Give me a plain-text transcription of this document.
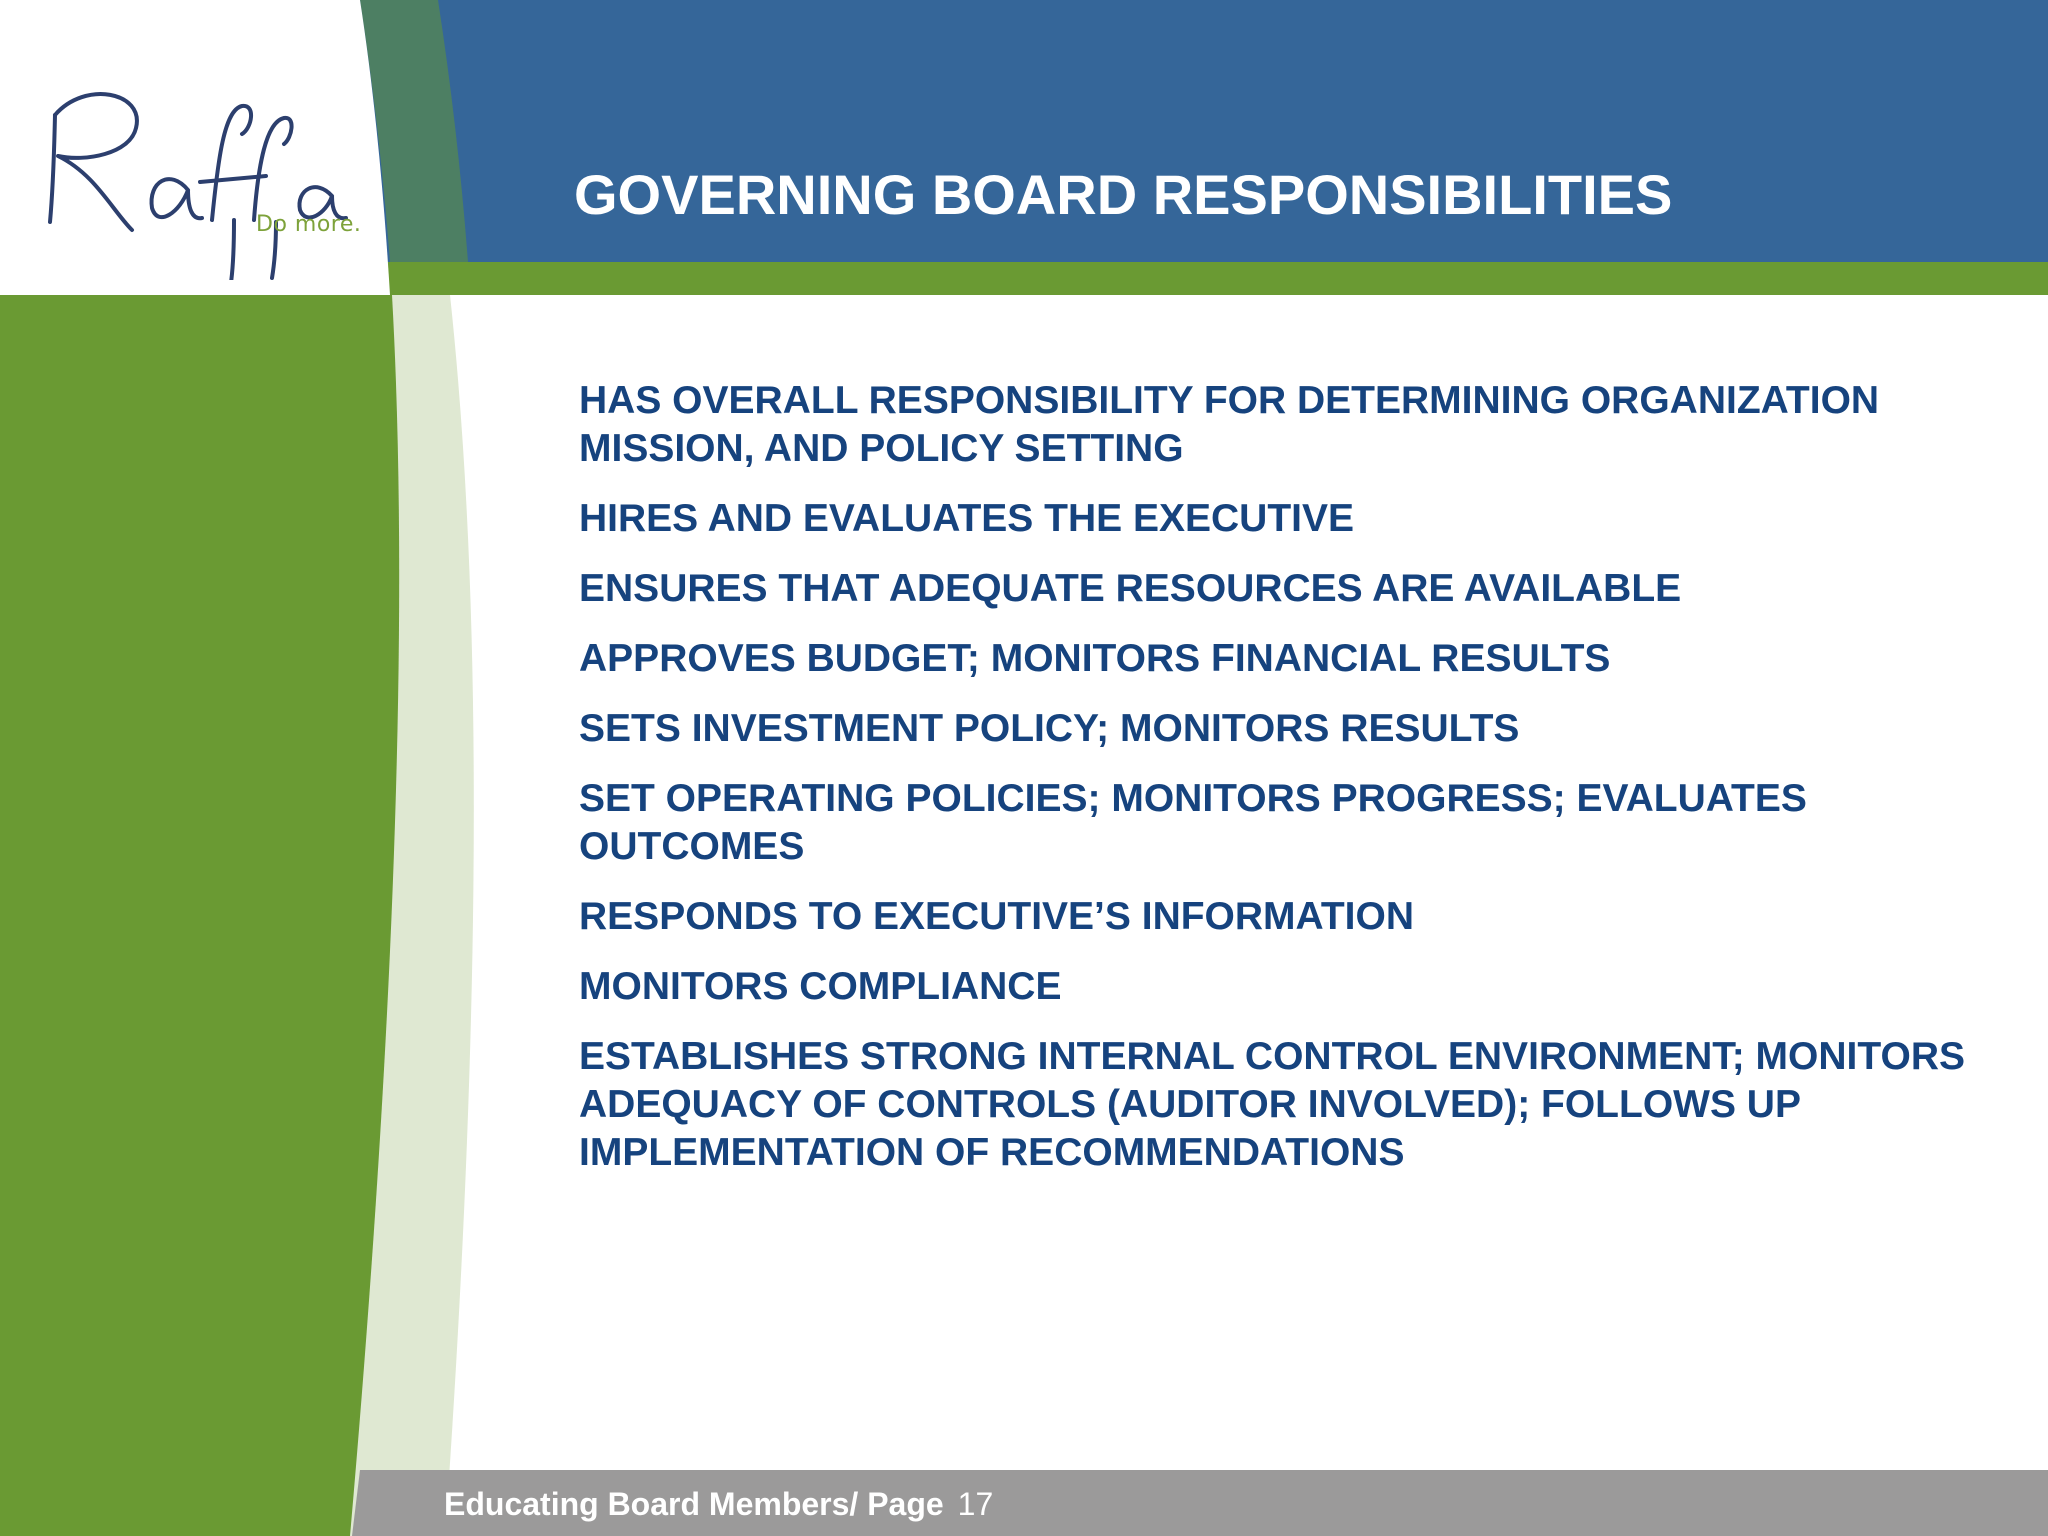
Do more.	GOVERNING BOARD RESPONSIBILITIES
HAS OVERALL RESPONSIBILITY FOR DETERMINING ORGANIZATION MISSION, AND POLICY SETTING
HIRES AND EVALUATES THE EXECUTIVE
ENSURES THAT ADEQUATE RESOURCES ARE AVAILABLE
APPROVES BUDGET; MONITORS FINANCIAL RESULTS
SETS INVESTMENT POLICY; MONITORS RESULTS
SET OPERATING POLICIES; MONITORS PROGRESS; EVALUATES OUTCOMES
RESPONDS TO EXECUTIVE’S INFORMATION
MONITORS COMPLIANCE
ESTABLISHES STRONG INTERNAL CONTROL ENVIRONMENT; MONITORS ADEQUACY OF CONTROLS (AUDITOR INVOLVED); FOLLOWS UP IMPLEMENTATION OF RECOMMENDATIONS
Educating Board Members/ Page 17
